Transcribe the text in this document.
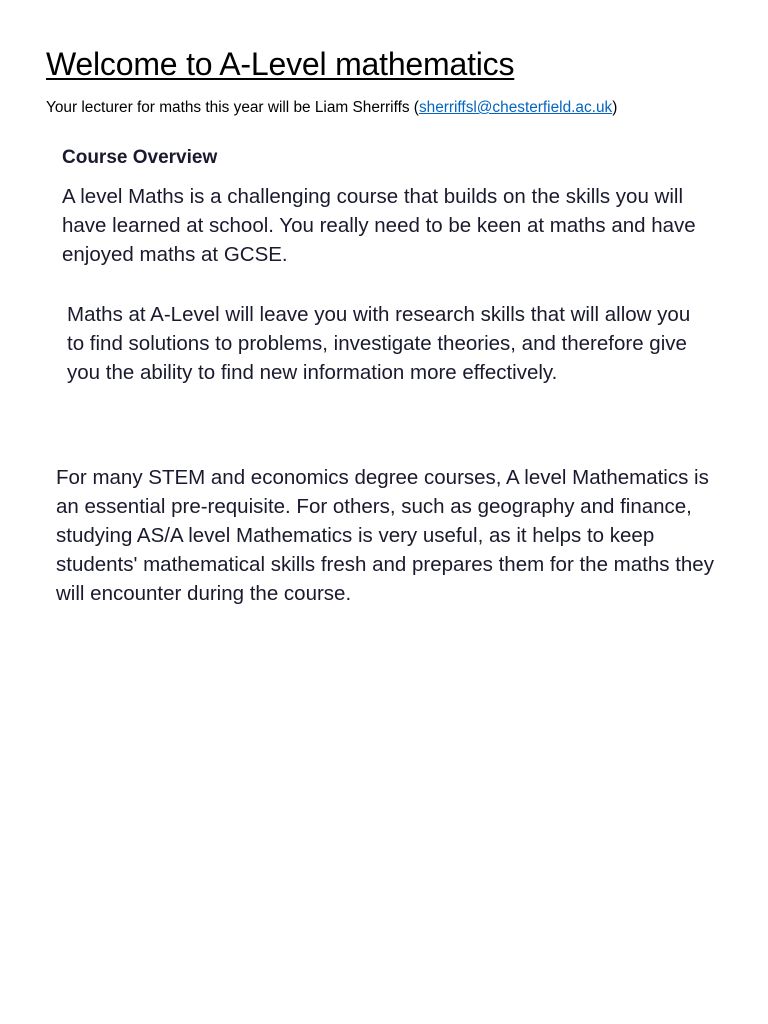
Welcome to A-Level mathematics

Your lecturer for maths this year will be Liam Sherriffs (sherriffsl@chesterfield.ac.uk)

Course Overview

A level Maths is a challenging course that builds on the skills you will have learned at school. You really need to be keen at maths and have enjoyed maths at GCSE.

Maths at A-Level will leave you with research skills that will allow you to find solutions to problems, investigate theories, and therefore give you the ability to find new information more effectively.

For many STEM and economics degree courses, A level Mathematics is an essential pre-requisite. For others, such as geography and finance, studying AS/A level Mathematics is very useful, as it helps to keep students' mathematical skills fresh and prepares them for the maths they will encounter during the course.
